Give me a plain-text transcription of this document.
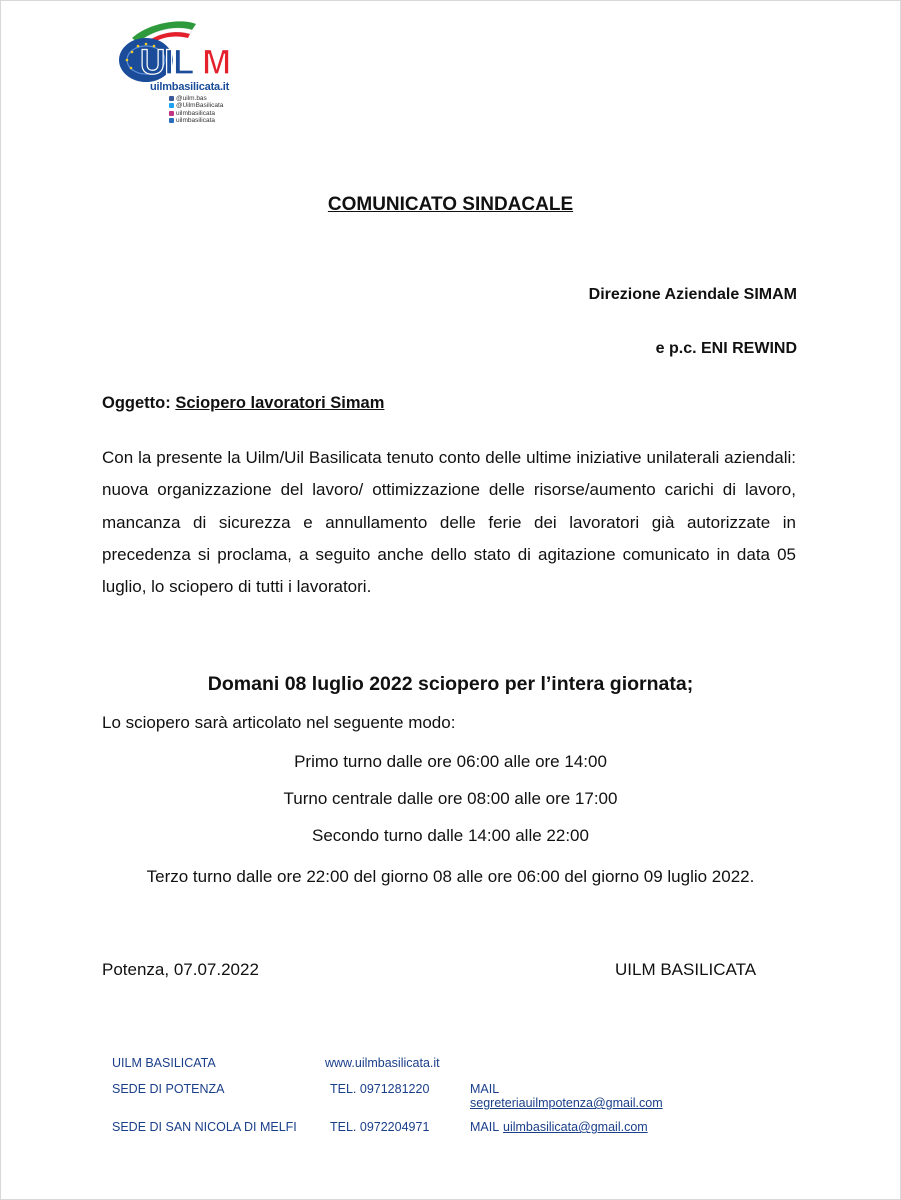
UIL M
uilmbasilicata.it
@uilm.bas
@UilmBasilicata
uilmbasilicata
uilmbasilicata
COMUNICATO SINDACALE
Direzione Aziendale SIMAM
e p.c. ENI REWIND
Oggetto: Sciopero lavoratori Simam
Con la presente la Uilm/Uil Basilicata tenuto conto delle ultime iniziative unilaterali aziendali: nuova organizzazione del lavoro/ ottimizzazione delle risorse/aumento carichi di lavoro, mancanza di sicurezza e annullamento delle ferie dei lavoratori già autorizzate in precedenza si proclama, a seguito anche dello stato di agitazione comunicato in data 05 luglio, lo sciopero di tutti i lavoratori.
Domani 08 luglio 2022 sciopero per l’intera giornata;
Lo sciopero sarà articolato nel seguente modo:
Primo turno dalle ore 06:00 alle ore 14:00
Turno centrale dalle ore 08:00 alle ore 17:00
Secondo turno dalle 14:00 alle 22:00
Terzo turno dalle ore 22:00 del giorno 08 alle ore 06:00 del giorno 09 luglio 2022.
Potenza, 07.07.2022	UILM BASILICATA
UILM BASILICATA	www.uilmbasilicata.it
SEDE DI POTENZA	TEL. 0971281220	MAIL
segreteriauilmpotenza@gmail.com
SEDE DI SAN NICOLA DI MELFI	TEL. 0972204971	MAIL uilmbasilicata@gmail.com
